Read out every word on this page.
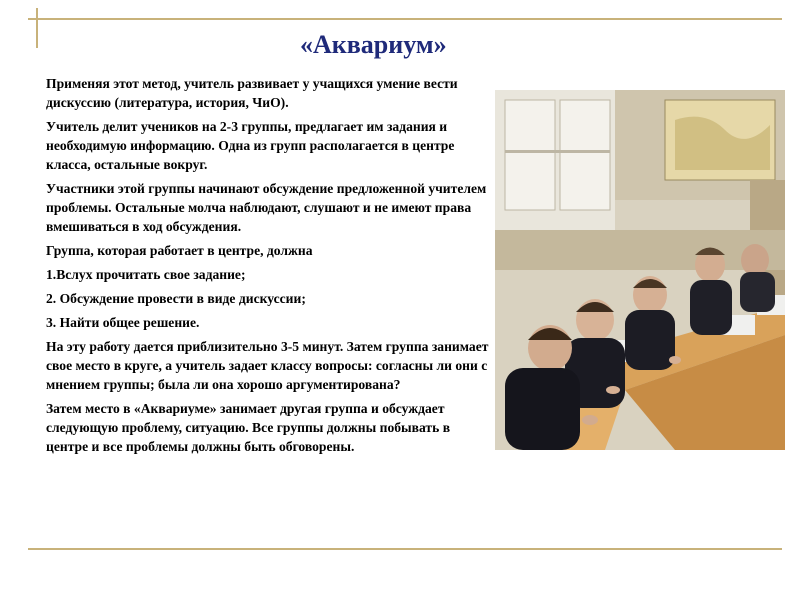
«Аквариум»

Применяя этот метод, учитель развивает у учащихся умение вести дискуссию (литература, история, ЧиО).

Учитель делит учеников на 2-3 группы, предлагает им задания и необходимую информацию. Одна из групп располагается в центре класса, остальные вокруг.

Участники этой группы начинают обсуждение предложенной учителем проблемы. Остальные молча наблюдают, слушают и не имеют права вмешиваться в ход обсуждения.

Группа, которая работает в центре, должна

1.Вслух прочитать свое задание;

2. Обсуждение провести в виде дискуссии;

3. Найти общее решение.

На эту работу дается приблизительно 3-5 минут. Затем группа занимает свое место в круге, а учитель задает классу вопросы: согласны ли они с мнением группы; была ли она хорошо аргументирована?

Затем место в «Аквариуме» занимает другая группа и обсуждает следующую проблему, ситуацию. Все группы должны побывать в центре и все проблемы должны быть обговорены.
